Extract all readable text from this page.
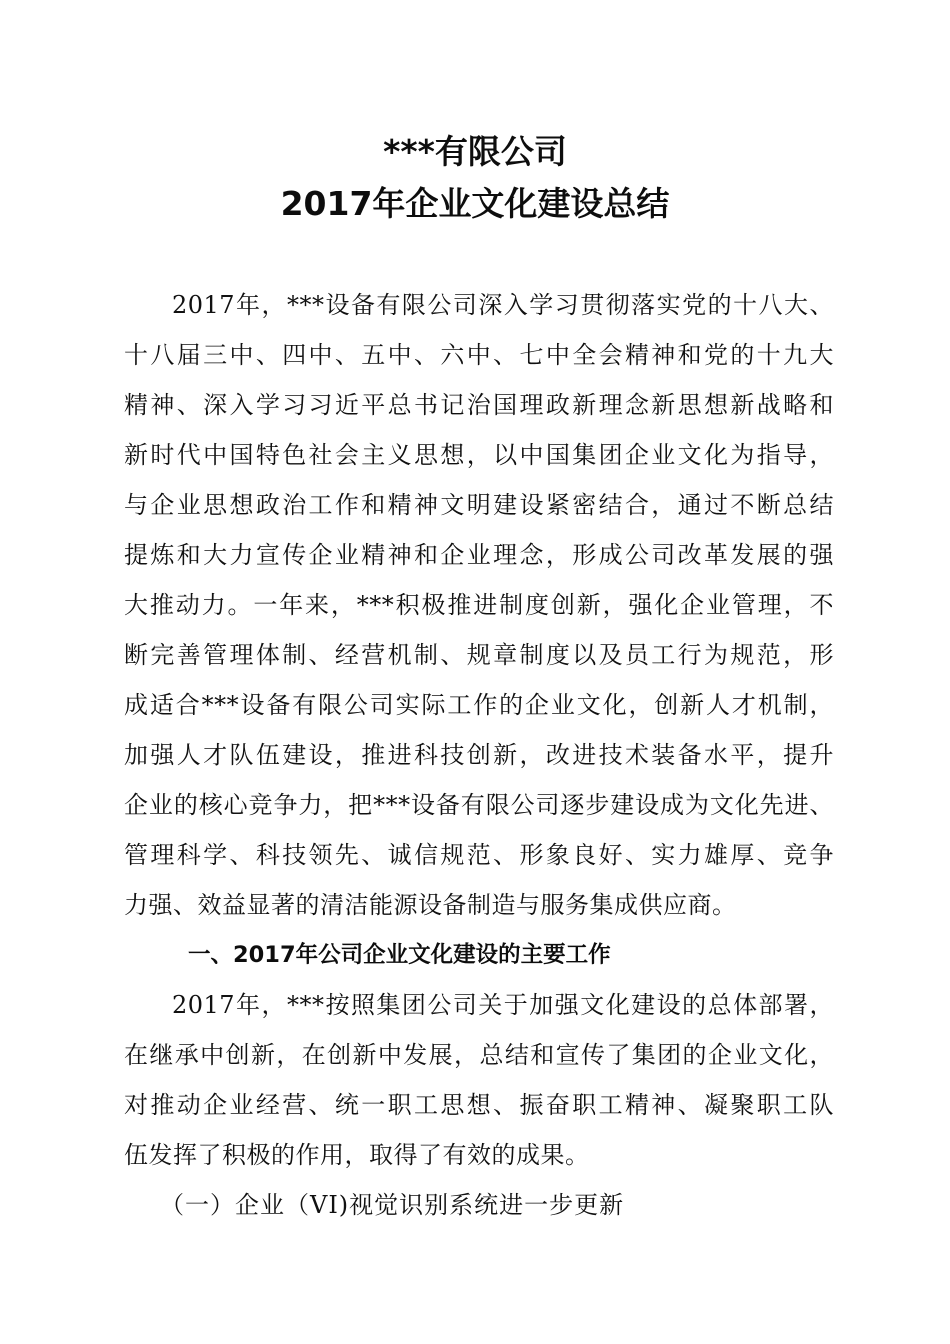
***有限公司
2017年企业文化建设总结
2017年，***设备有限公司深入学习贯彻落实党的十八大、
十八届三中、四中、五中、六中、七中全会精神和党的十九大
精神、深入学习习近平总书记治国理政新理念新思想新战略和
新时代中国特色社会主义思想，以中国集团企业文化为指导，
与企业思想政治工作和精神文明建设紧密结合，通过不断总结
提炼和大力宣传企业精神和企业理念，形成公司改革发展的强
大推动力。一年来，***积极推进制度创新，强化企业管理，不
断完善管理体制、经营机制、规章制度以及员工行为规范，形
成适合***设备有限公司实际工作的企业文化，创新人才机制，
加强人才队伍建设，推进科技创新，改进技术装备水平，提升
企业的核心竞争力，把***设备有限公司逐步建设成为文化先进、
管理科学、科技领先、诚信规范、形象良好、实力雄厚、竞争
力强、效益显著的清洁能源设备制造与服务集成供应商。
一、2017年公司企业文化建设的主要工作
2017年，***按照集团公司关于加强文化建设的总体部署，
在继承中创新，在创新中发展，总结和宣传了集团的企业文化，
对推动企业经营、统一职工思想、振奋职工精神、凝聚职工队
伍发挥了积极的作用，取得了有效的成果。
（一）企业（VI)视觉识别系统进一步更新
